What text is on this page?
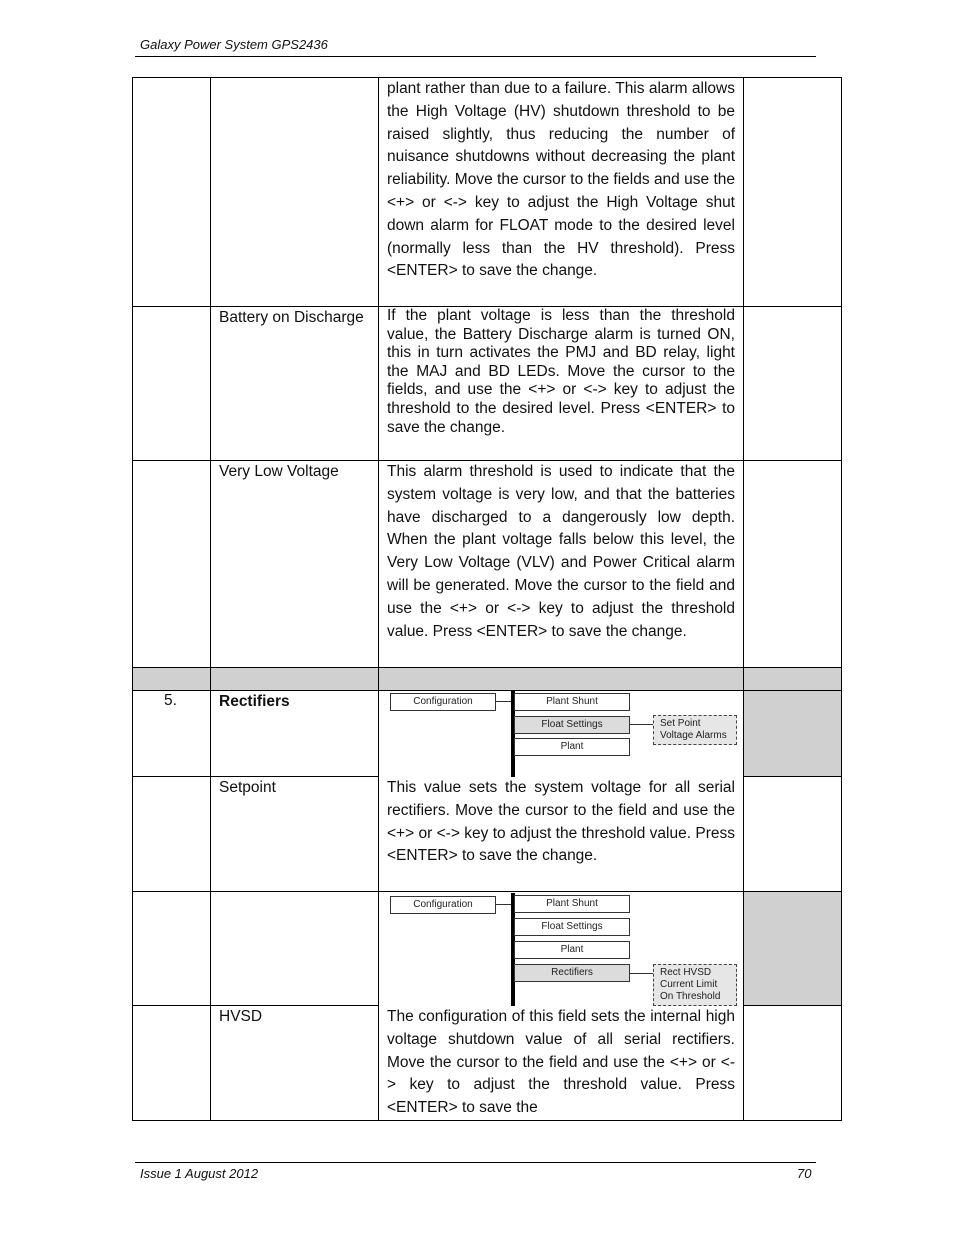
Galaxy Power System GPS2436
plant rather than due to a failure. This alarm allows the High Voltage (HV) shutdown threshold to be raised slightly, thus reducing the number of nuisance shutdowns without decreasing the plant reliability. Move the cursor to the fields and use the <+> or <-> key to adjust the High Voltage shut down alarm for FLOAT mode to the desired level (normally less than the HV threshold). Press <ENTER> to save the change.
Battery on Discharge	If the plant voltage is less than the threshold value, the Battery Discharge alarm is turned ON, this in turn activates the PMJ and BD relay, light the MAJ and BD LEDs. Move the cursor to the fields, and use the <+> or <-> key to adjust the threshold to the desired level. Press <ENTER> to save the change.
Very Low Voltage	This alarm threshold is used to indicate that the system voltage is very low, and that the batteries have discharged to a dangerously low depth. When the plant voltage falls below this level, the Very Low Voltage (VLV) and Power Critical alarm will be generated. Move the cursor to the field and use the <+> or <-> key to adjust the threshold value. Press <ENTER> to save the change.
5.	Rectifiers	Configuration	Plant Shunt
Float Settings
Plant
Set Point
Voltage Alarms
Setpoint	This value sets the system voltage for all serial rectifiers. Move the cursor to the field and use the <+> or <-> key to adjust the threshold value. Press <ENTER> to save the change.
Configuration	Plant Shunt
Float Settings
Plant
Rectifiers	Rect HVSD
Current Limit
On Threshold
HVSD	The configuration of this field sets the internal high voltage shutdown value of all serial rectifiers. Move the cursor to the field and use the <+> or <-> key to adjust the threshold value. Press <ENTER> to save the
Issue 1 August 2012	70
